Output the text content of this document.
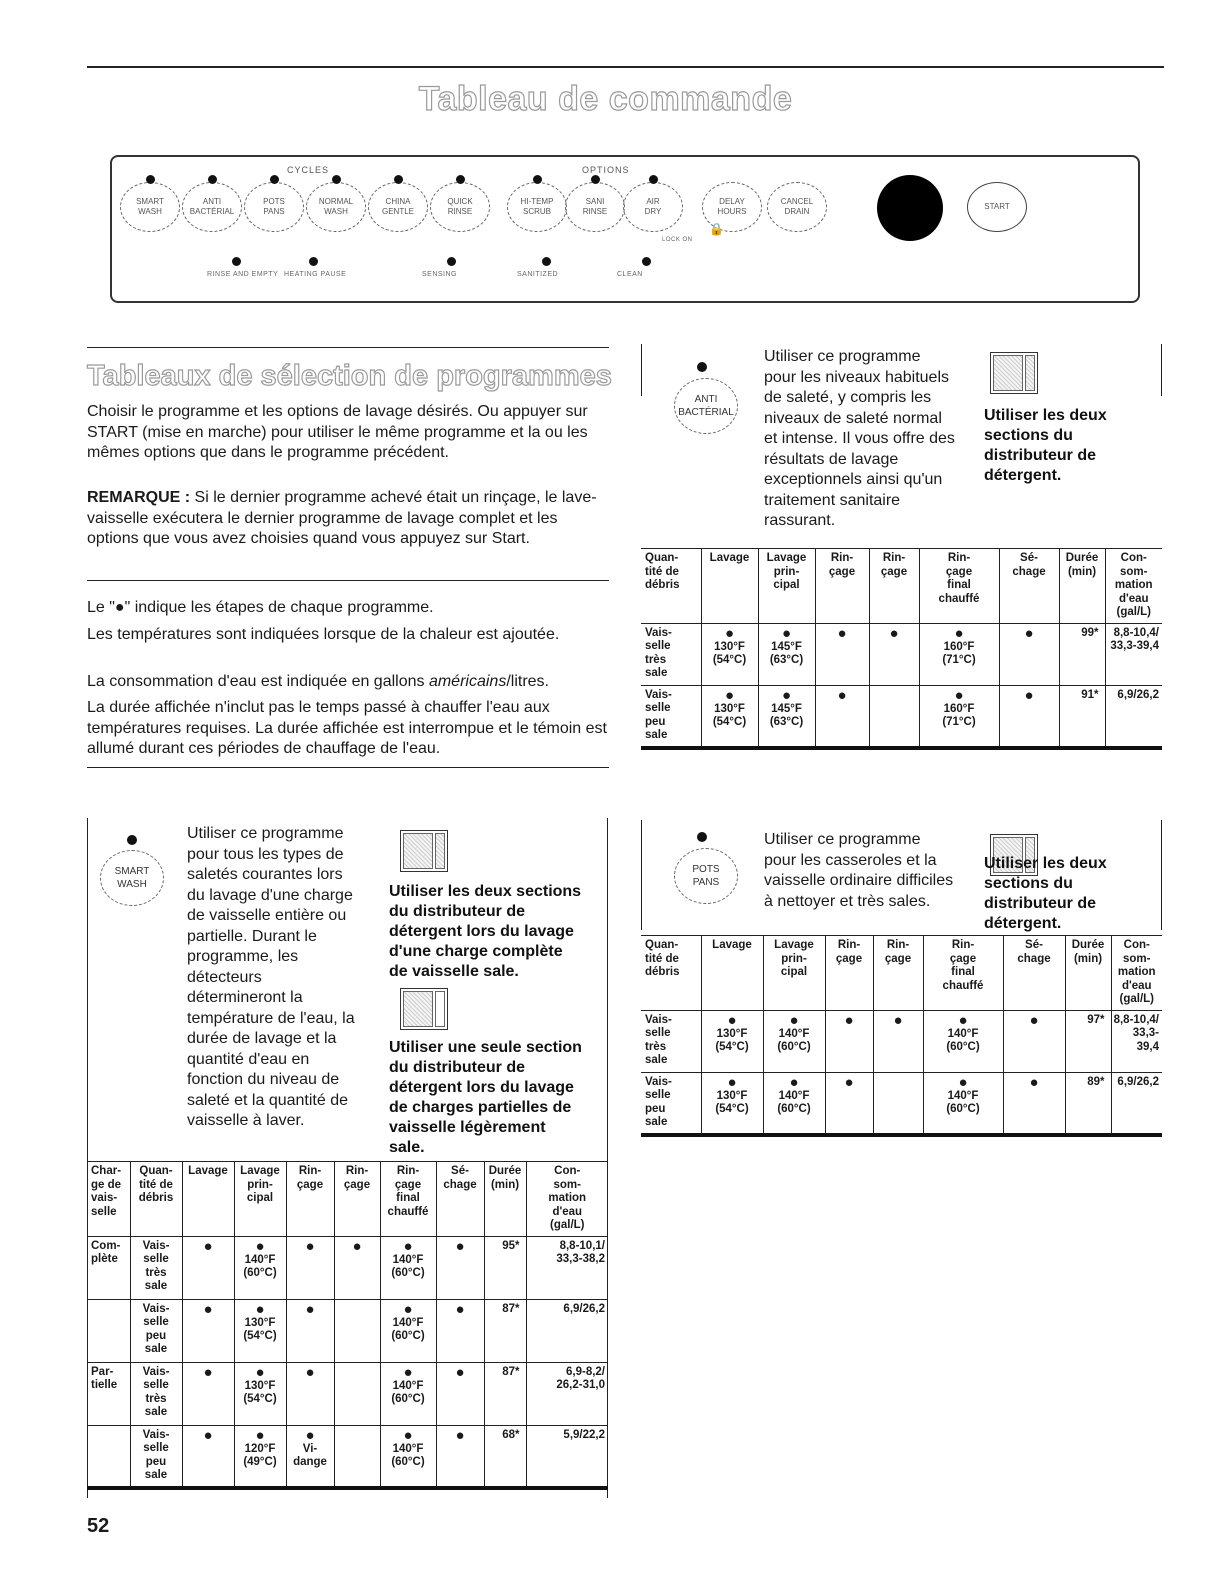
Tableau de commande
CYCLES	OPTIONS
SMART
WASH
ANTI
BACTÉRIAL
POTS
PANS
NORMAL
WASH
CHINA
GENTLE
QUICK
RINSE
HI-TEMP
SCRUB
SANI
RINSE
AIR
DRY
DELAY
HOURS
CANCEL
DRAIN
START
🔒
LOCK ON
RINSE AND EMPTY HEATING PAUSE	SENSING	SANITIZED	CLEAN
Tableaux de sélection de programmes
Choisir le programme et les options de lavage désirés. Ou appuyer sur START (mise en marche) pour utiliser le même programme et la ou les mêmes options que dans le programme précédent.
REMARQUE : Si le dernier programme achevé était un rinçage, le lave-vaisselle exécutera le dernier programme de lavage complet et les options que vous avez choisies quand vous appuyez sur Start.
Le "●" indique les étapes de chaque programme.
Les températures sont indiquées lorsque de la chaleur est ajoutée.
La consommation d'eau est indiquée en gallons américains/litres.
La durée affichée n'inclut pas le temps passé à chauffer l'eau aux températures requises. La durée affichée est interrompue et le témoin est allumé durant ces périodes de chauffage de l'eau.
SMART
WASH
Utiliser ce programme
pour tous les types de
saletés courantes lors
du lavage d'une charge
de vaisselle entière ou
partielle. Durant le
programme, les
détecteurs
détermineront la
température de l'eau, la
durée de lavage et la
quantité d'eau en
fonction du niveau de
saleté et la quantité de
vaisselle à laver.
Utiliser les deux sections
du distributeur de
détergent lors du lavage
d'une charge complète
de vaisselle sale.
Utiliser une seule section
du distributeur de
détergent lors du lavage
de charges partielles de
vaisselle légèrement
sale.
Char-
ge de
vais-
selle	Quan-
tité de
débris	Lavage	Lavage
prin-
cipal	Rin-
çage	Rin-
çage	Rin-
çage
final
chauffé	Sé-
chage	Durée
(min)	Con-
som-
mation
d'eau
(gal/L)
Com-
plète	Vais-
selle
très
sale	●	●
140°F
(60°C)	●	●	●
140°F
(60°C)	●	95*	8,8-10,1/
33,3-38,2
	Vais-
selle
peu
sale	●	●
130°F
(54°C)	●		●
140°F
(60°C)	●	87*	6,9/26,2
Par-
tielle	Vais-
selle
très
sale	●	●
130°F
(54°C)	●		●
140°F
(60°C)	●	87*	6,9-8,2/
26,2-31,0
	Vais-
selle
peu
sale	●	●
120°F
(49°C)	●
Vi-
dange		●
140°F
(60°C)	●	68*	5,9/22,2
ANTI
BACTÉRIAL
Utiliser ce programme
pour les niveaux habituels
de saleté, y compris les
niveaux de saleté normal
et intense. Il vous offre des
résultats de lavage
exceptionnels ainsi qu'un
traitement sanitaire
rassurant.
Utiliser les deux
sections du
distributeur de
détergent.
Quan-
tité de
débris	Lavage	Lavage
prin-
cipal	Rin-
çage	Rin-
çage	Rin-
çage
final
chauffé	Sé-
chage	Durée
(min)	Con-
som-
mation
d'eau
(gal/L)
Vais-
selle
très
sale	●
130°F
(54°C)	●
145°F
(63°C)	●	●	●
160°F
(71°C)	●	99*	8,8-10,4/
33,3-39,4
Vais-
selle
peu
sale	●
130°F
(54°C)	●
145°F
(63°C)	●		●
160°F
(71°C)	●	91*	6,9/26,2
POTS
PANS
Utiliser ce programme
pour les casseroles et la
vaisselle ordinaire difficiles
à nettoyer et très sales.
Utiliser les deux
sections du
distributeur de
détergent.
Quan-
tité de
débris	Lavage	Lavage
prin-
cipal	Rin-
çage	Rin-
çage	Rin-
çage
final
chauffé	Sé-
chage	Durée
(min)	Con-
som-
mation
d'eau
(gal/L)
Vais-
selle
très
sale	●
130°F
(54°C)	●
140°F
(60°C)	●	●	●
140°F
(60°C)	●	97*	8,8-10,4/
33,3-39,4
Vais-
selle
peu
sale	●
130°F
(54°C)	●
140°F
(60°C)	●		●
140°F
(60°C)	●	89*	6,9/26,2
52
